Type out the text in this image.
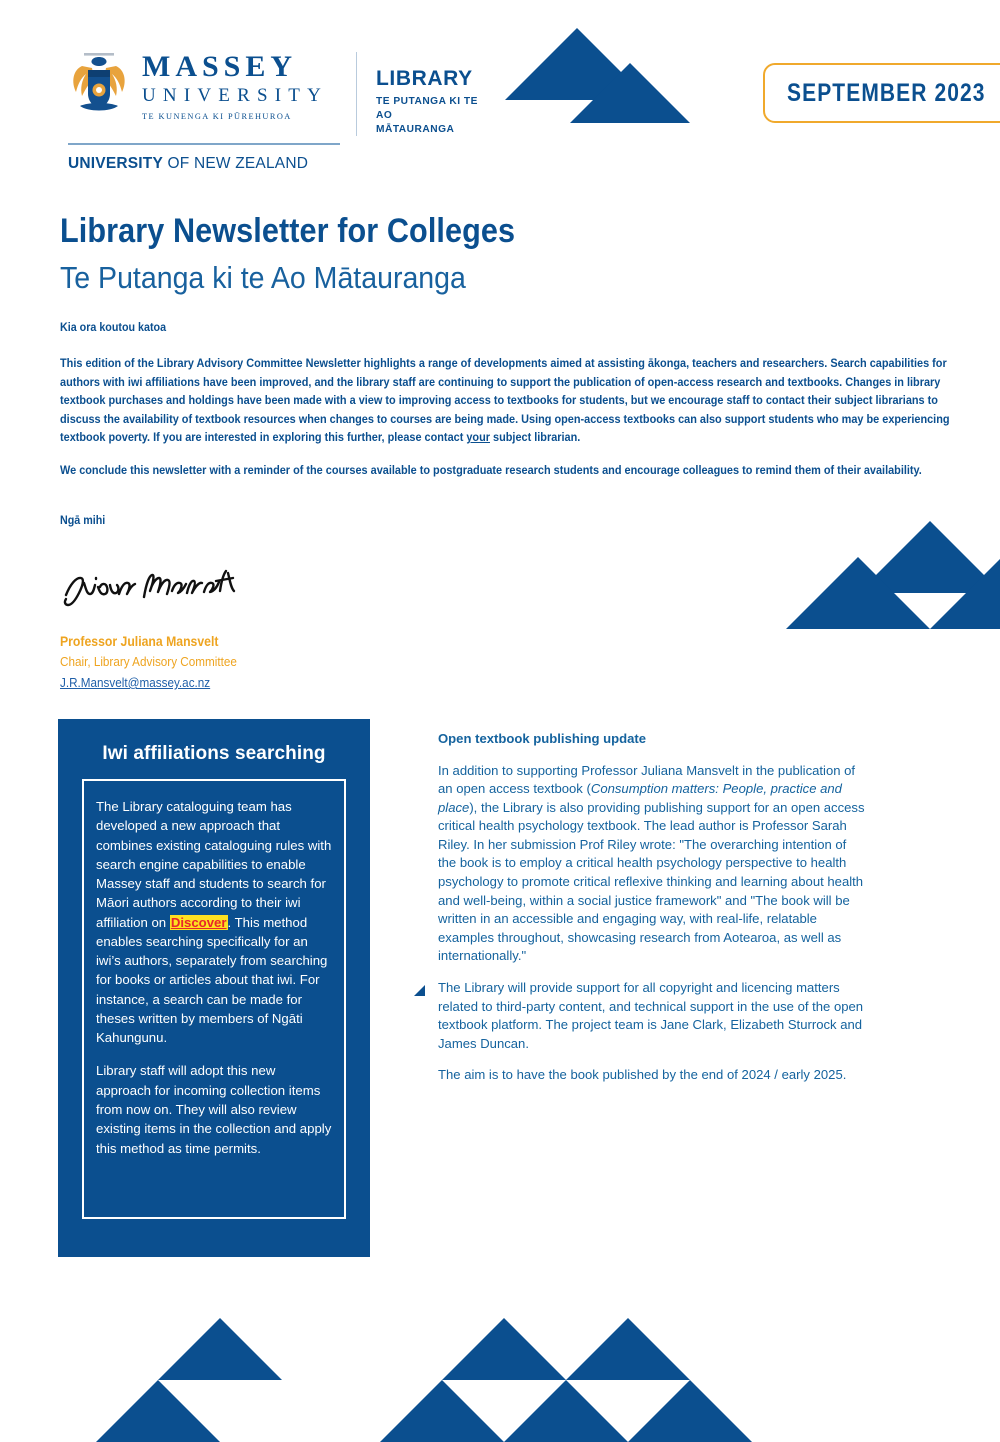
MASSEY
UNIVERSITY
TE KUNENGA KI PŪREHUROA
UNIVERSITY OF NEW ZEALAND
LIBRARY
TE PUTANGA KI TE AO
MĀTAURANGA
SEPTEMBER 2023
Library Newsletter for Colleges
Te Putanga ki te Ao Mātauranga
Kia ora koutou katoa

This edition of the Library Advisory Committee Newsletter highlights a range of developments aimed at assisting ākonga, teachers and researchers. Search capabilities for authors with iwi affiliations have been improved, and the library staff are continuing to support the publication of open-access research and textbooks. Changes in library textbook purchases and holdings have been made with a view to improving access to textbooks for students, but we encourage staff to contact their subject librarians to discuss the availability of textbook resources when changes to courses are being made. Using open-access textbooks can also support students who may be experiencing textbook poverty. If you are interested in exploring this further, please contact your subject librarian.

We conclude this newsletter with a reminder of the courses available to postgraduate research students and encourage colleagues to remind them of their availability.

Ngā mihi
Professor Juliana Mansvelt
Chair, Library Advisory Committee
J.R.Mansvelt@massey.ac.nz
Iwi affiliations searching

The Library cataloguing team has developed a new approach that combines existing cataloguing rules with search engine capabilities to enable Massey staff and students to search for Māori authors according to their iwi affiliation on Discover. This method enables searching specifically for an iwi’s authors, separately from searching for books or articles about that iwi. For instance, a search can be made for theses written by members of Ngāti Kahungunu.

Library staff will adopt this new approach for incoming collection items from now on. They will also review existing items in the collection and apply this method as time permits.

Open textbook publishing update

In addition to supporting Professor Juliana Mansvelt in the publication of an open access textbook (Consumption matters: People, practice and place), the Library is also providing publishing support for an open access critical health psychology textbook. The lead author is Professor Sarah Riley. In her submission Prof Riley wrote: "The overarching intention of the book is to employ a critical health psychology perspective to health psychology to promote critical reflexive thinking and learning about health and well-being, within a social justice framework" and "The book will be written in an accessible and engaging way, with real-life, relatable examples throughout, showcasing research from Aotearoa, as well as internationally."

The Library will provide support for all copyright and licencing matters related to third-party content, and technical support in the use of the open textbook platform. The project team is Jane Clark, Elizabeth Sturrock and James Duncan.

The aim is to have the book published by the end of 2024 / early 2025.
